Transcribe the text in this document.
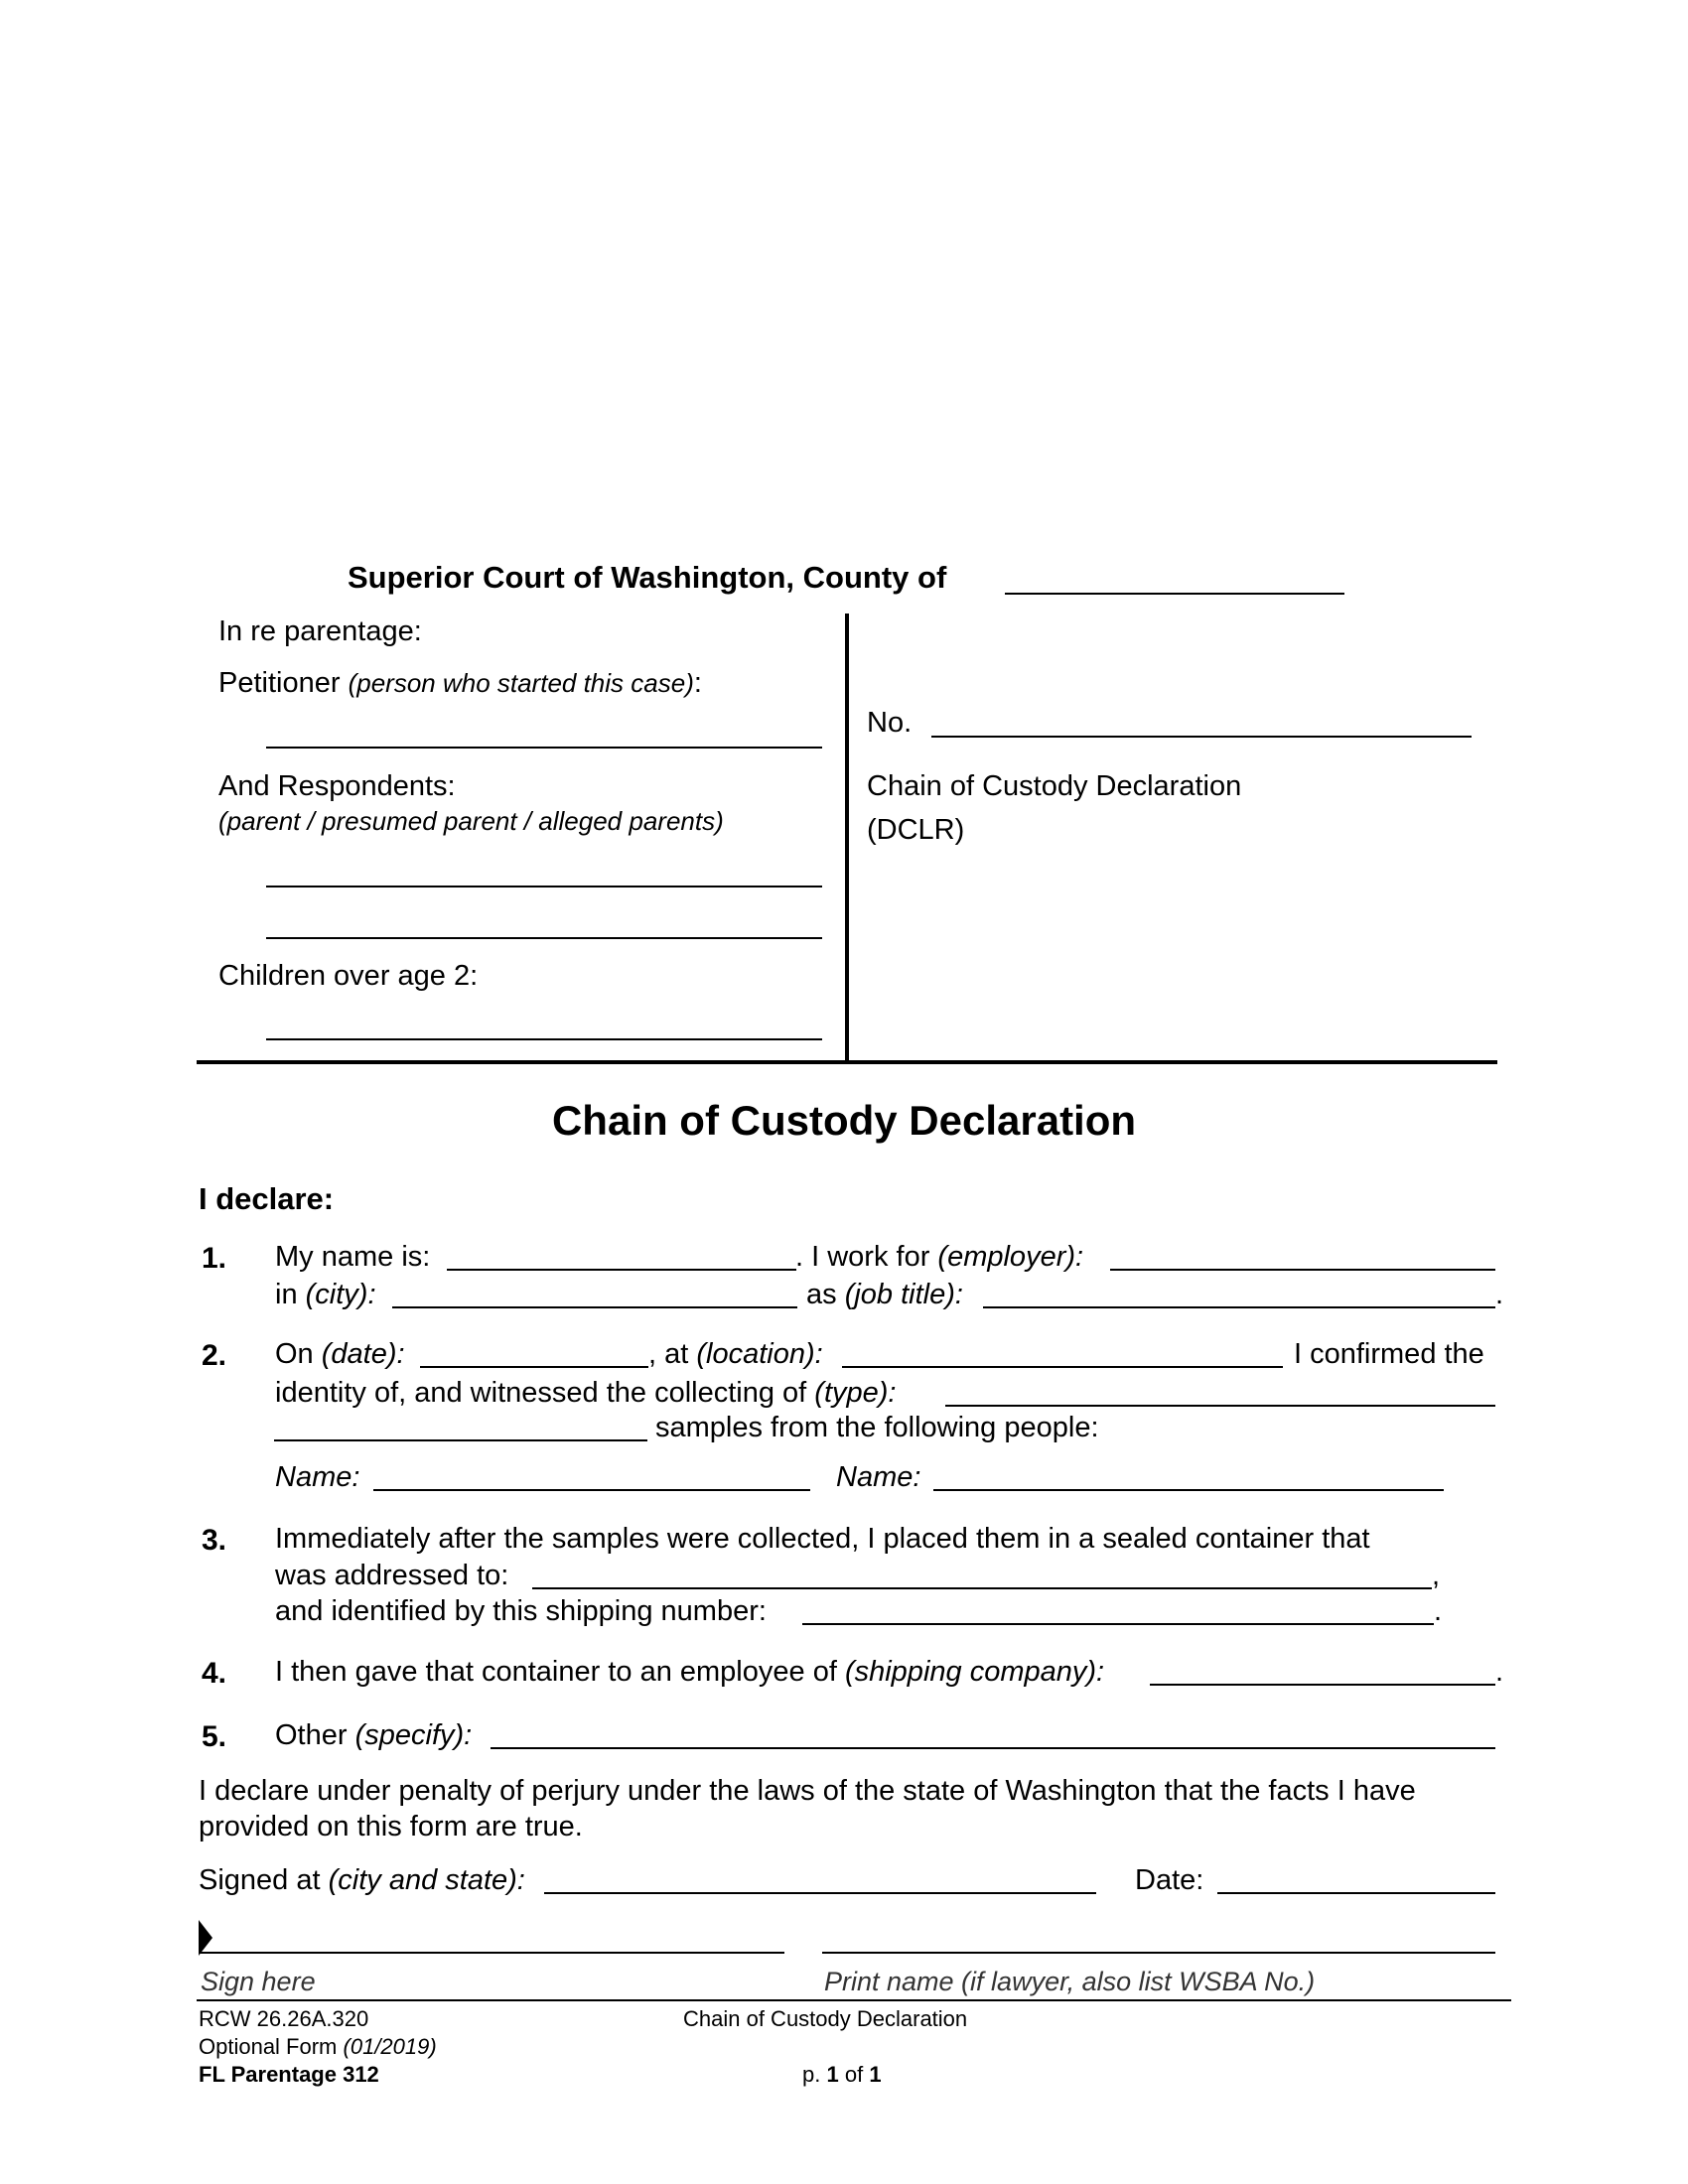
Superior Court of Washington, County of
In re parentage:
Petitioner (person who started this case):
And Respondents:
(parent / presumed parent / alleged parents)
Children over age 2:
No.
Chain of Custody Declaration
(DCLR)
Chain of Custody Declaration
I declare:
1. My name is:	. I work for (employer):
in (city):	as (job title):	.
2. On (date):	, at (location):	I confirmed the
identity of, and witnessed the collecting of (type):
samples from the following people:
Name:	Name:
3. Immediately after the samples were collected, I placed them in a sealed container that
was addressed to:	,
and identified by this shipping number:	.
4. I then gave that container to an employee of (shipping company):	.
5. Other (specify):
I declare under penalty of perjury under the laws of the state of Washington that the facts I have
provided on this form are true.
Signed at (city and state):	Date:
Sign here	Print name (if lawyer, also list WSBA No.)
RCW 26.26A.320
Optional Form (01/2019)
FL Parentage 312
Chain of Custody Declaration
p. 1 of 1
